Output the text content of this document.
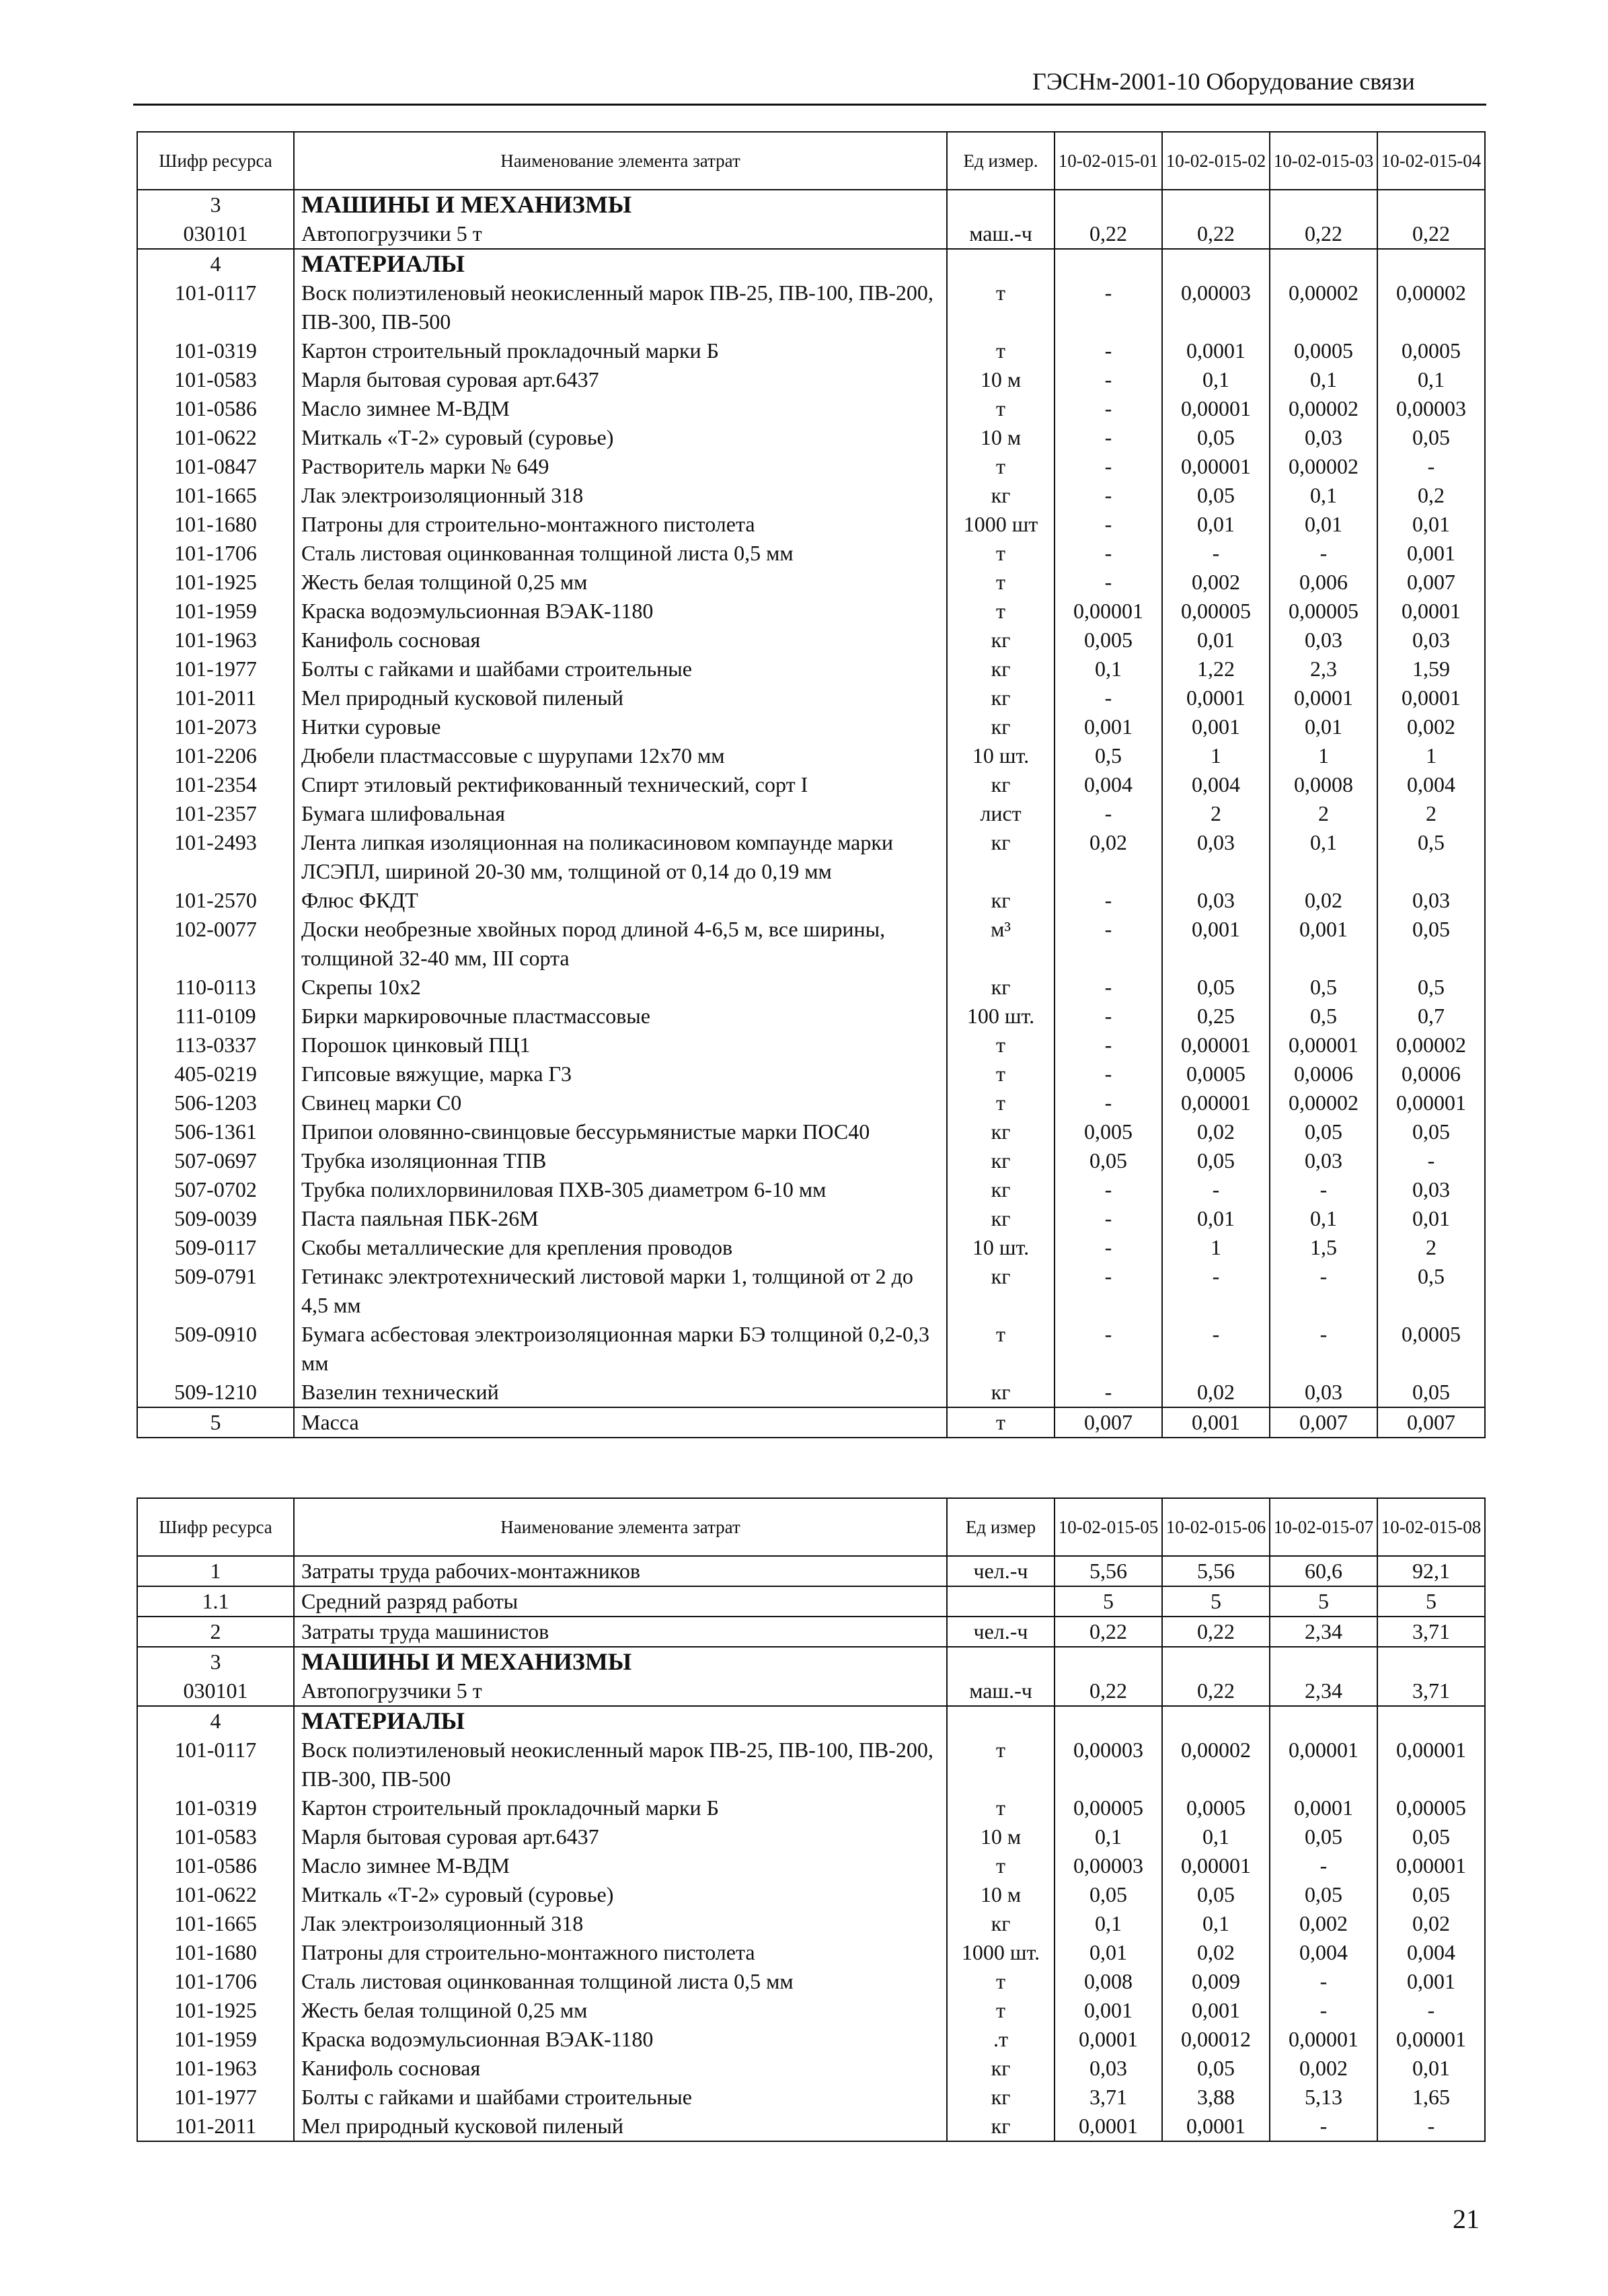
ГЭСНм-2001-10 Оборудование связи
Шифр ресурса	Наименование элемента затрат	Ед измер.	10-02-015-01	10-02-015-02	10-02-015-03	10-02-015-04
3	МАШИНЫ И МЕХАНИЗМЫ					
030101	Автопогрузчики 5 т	маш.-ч	0,22	0,22	0,22	0,22
4	МАТЕРИАЛЫ					
101-0117	Воск полиэтиленовый неокисленный марок ПВ-25, ПВ-100, ПВ-200, ПВ-300, ПВ-500	т	-	0,00003	0,00002	0,00002
101-0319	Картон строительный прокладочный марки Б	т	-	0,0001	0,0005	0,0005
101-0583	Марля бытовая суровая арт.6437	10 м	-	0,1	0,1	0,1
101-0586	Масло зимнее М-ВДМ	т	-	0,00001	0,00002	0,00003
101-0622	Миткаль «Т-2» суровый (суровье)	10 м	-	0,05	0,03	0,05
101-0847	Растворитель марки № 649	т	-	0,00001	0,00002	-
101-1665	Лак электроизоляционный 318	кг	-	0,05	0,1	0,2
101-1680	Патроны для строительно-монтажного пистолета	1000 шт	-	0,01	0,01	0,01
101-1706	Сталь листовая оцинкованная толщиной листа 0,5 мм	т	-	-	-	0,001
101-1925	Жесть белая толщиной 0,25 мм	т	-	0,002	0,006	0,007
101-1959	Краска водоэмульсионная ВЭАК-1180	т	0,00001	0,00005	0,00005	0,0001
101-1963	Канифоль сосновая	кг	0,005	0,01	0,03	0,03
101-1977	Болты с гайками и шайбами строительные	кг	0,1	1,22	2,3	1,59
101-2011	Мел природный кусковой пиленый	кг	-	0,0001	0,0001	0,0001
101-2073	Нитки суровые	кг	0,001	0,001	0,01	0,002
101-2206	Дюбели пластмассовые с шурупами 12х70 мм	10 шт.	0,5	1	1	1
101-2354	Спирт этиловый ректификованный технический, сорт I	кг	0,004	0,004	0,0008	0,004
101-2357	Бумага шлифовальная	лист	-	2	2	2
101-2493	Лента липкая изоляционная на поликасиновом компаунде марки ЛСЭПЛ, шириной 20-30 мм, толщиной от 0,14 до 0,19 мм	кг	0,02	0,03	0,1	0,5
101-2570	Флюс ФКДТ	кг	-	0,03	0,02	0,03
102-0077	Доски необрезные хвойных пород длиной 4-6,5 м, все ширины, толщиной 32-40 мм, III сорта	м³	-	0,001	0,001	0,05
110-0113	Скрепы 10х2	кг	-	0,05	0,5	0,5
111-0109	Бирки маркировочные пластмассовые	100 шт.	-	0,25	0,5	0,7
113-0337	Порошок цинковый ПЦ1	т	-	0,00001	0,00001	0,00002
405-0219	Гипсовые вяжущие, марка Г3	т	-	0,0005	0,0006	0,0006
506-1203	Свинец марки С0	т	-	0,00001	0,00002	0,00001
506-1361	Припои оловянно-свинцовые бессурьмянистые марки ПОС40	кг	0,005	0,02	0,05	0,05
507-0697	Трубка изоляционная ТПВ	кг	0,05	0,05	0,03	-
507-0702	Трубка полихлорвиниловая ПХВ-305 диаметром 6-10 мм	кг	-	-	-	0,03
509-0039	Паста паяльная ПБК-26М	кг	-	0,01	0,1	0,01
509-0117	Скобы металлические для крепления проводов	10 шт.	-	1	1,5	2
509-0791	Гетинакс электротехнический листовой марки 1, толщиной от 2 до 4,5 мм	кг	-	-	-	0,5
509-0910	Бумага асбестовая электроизоляционная марки БЭ толщиной 0,2-0,3 мм	т	-	-	-	0,0005
509-1210	Вазелин технический	кг	-	0,02	0,03	0,05
5	Масса	т	0,007	0,001	0,007	0,007
Шифр ресурса	Наименование элемента затрат	Ед измер	10-02-015-05	10-02-015-06	10-02-015-07	10-02-015-08
1	Затраты труда рабочих-монтажников	чел.-ч	5,56	5,56	60,6	92,1
1.1	Средний разряд работы		5	5	5	5
2	Затраты труда машинистов	чел.-ч	0,22	0,22	2,34	3,71
3	МАШИНЫ И МЕХАНИЗМЫ					
030101	Автопогрузчики 5 т	маш.-ч	0,22	0,22	2,34	3,71
4	МАТЕРИАЛЫ					
101-0117	Воск полиэтиленовый неокисленный марок ПВ-25, ПВ-100, ПВ-200, ПВ-300, ПВ-500	т	0,00003	0,00002	0,00001	0,00001
101-0319	Картон строительный прокладочный марки Б	т	0,00005	0,0005	0,0001	0,00005
101-0583	Марля бытовая суровая арт.6437	10 м	0,1	0,1	0,05	0,05
101-0586	Масло зимнее М-ВДМ	т	0,00003	0,00001	-	0,00001
101-0622	Миткаль «Т-2» суровый (суровье)	10 м	0,05	0,05	0,05	0,05
101-1665	Лак электроизоляционный 318	кг	0,1	0,1	0,002	0,02
101-1680	Патроны для строительно-монтажного пистолета	1000 шт.	0,01	0,02	0,004	0,004
101-1706	Сталь листовая оцинкованная толщиной листа 0,5 мм	т	0,008	0,009	-	0,001
101-1925	Жесть белая толщиной 0,25 мм	т	0,001	0,001	-	-
101-1959	Краска водоэмульсионная ВЭАК-1180	.т	0,0001	0,00012	0,00001	0,00001
101-1963	Канифоль сосновая	кг	0,03	0,05	0,002	0,01
101-1977	Болты с гайками и шайбами строительные	кг	3,71	3,88	5,13	1,65
101-2011	Мел природный кусковой пиленый	кг	0,0001	0,0001	-	-
21
